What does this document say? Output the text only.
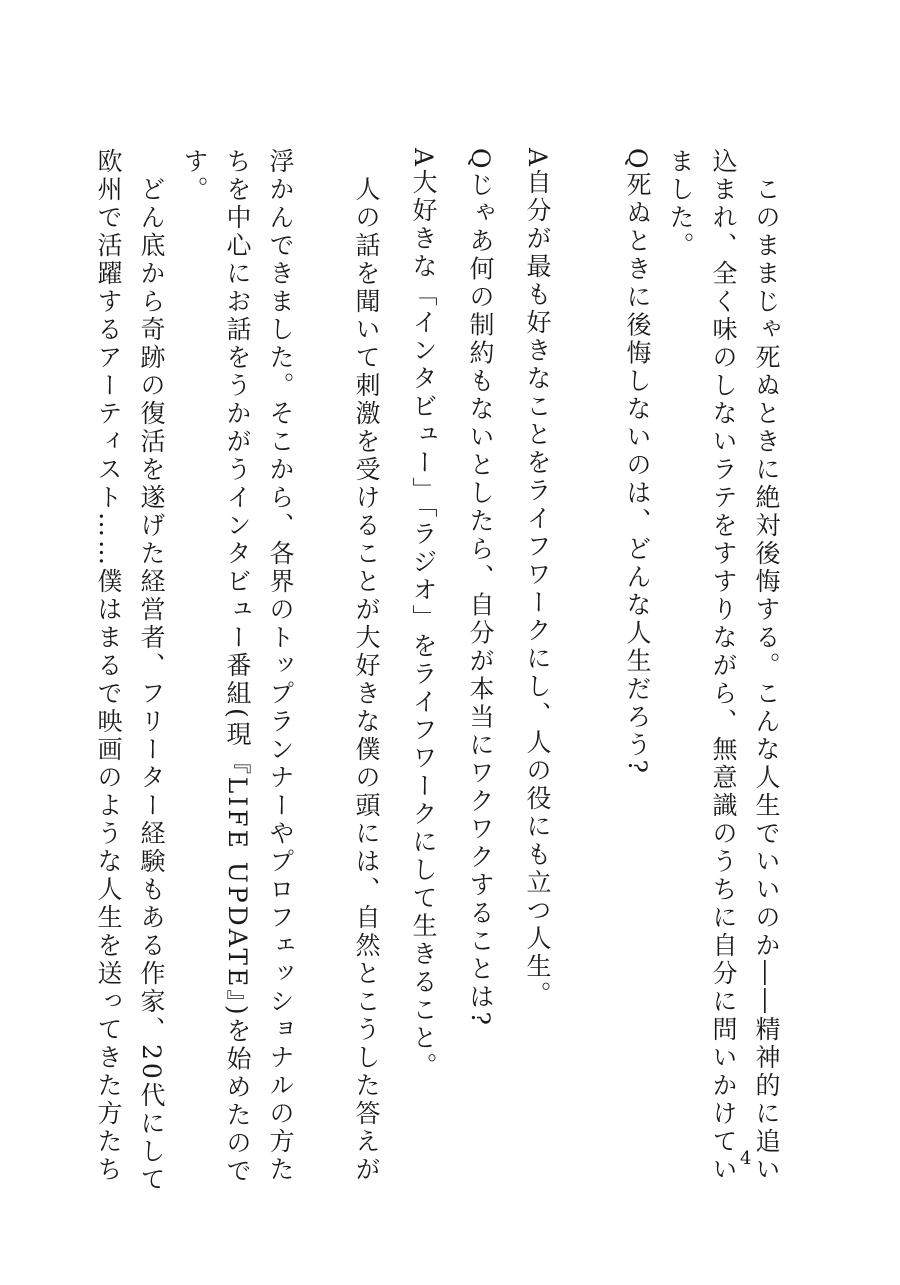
このままじゃ死ぬときに絶対後悔する。こんな人生でいいのか――精神的に追い

込まれ、全く味のしないラテをすすりながら、無意識のうちに自分に問いかけてい

ました。

Q死ぬときに後悔しないのは、どんな人生だろう?

A自分が最も好きなことをライフワークにし、人の役にも立つ人生。

Qじゃあ何の制約もないとしたら、自分が本当にワクワクすることは?

A大好きな「インタビュー」「ラジオ」をライフワークにして生きること。

人の話を聞いて刺激を受けることが大好きな僕の頭には、自然とこうした答えが

浮かんできました。そこから、各界のトップランナーやプロフェッショナルの方た

ちを中心にお話をうかがうインタビュー番組(現『LIFE UPDATE』)を始めたので

す。

どん底から奇跡の復活を遂げた経営者、フリーター経験もある作家、20代にして

欧州で活躍するアーティスト……僕はまるで映画のような人生を送ってきた方たち	4
